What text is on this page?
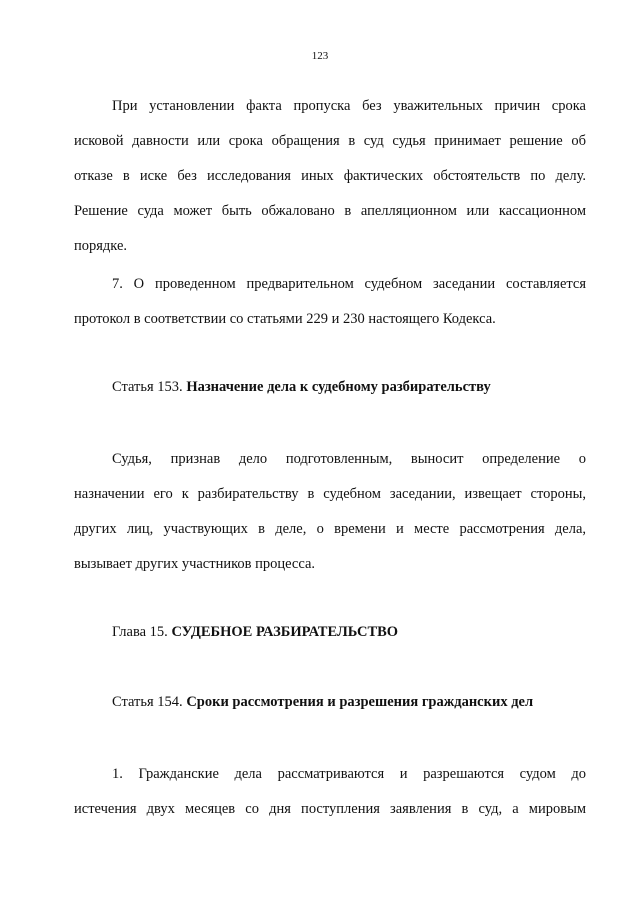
123
При установлении факта пропуска без уважительных причин срока
исковой давности или срока обращения в суд судья принимает решение об
отказе в иске без исследования иных фактических обстоятельств по делу.
Решение суда может быть обжаловано в апелляционном или кассационном
порядке.
7. О проведенном предварительном судебном заседании составляется
протокол в соответствии со статьями 229 и 230 настоящего Кодекса.
Статья 153. Назначение дела к судебному разбирательству
Судья, признав дело подготовленным, выносит определение о
назначении его к разбирательству в судебном заседании, извещает стороны,
других лиц, участвующих в деле, о времени и месте рассмотрения дела,
вызывает других участников процесса.
Глава 15. СУДЕБНОЕ РАЗБИРАТЕЛЬСТВО
Статья 154. Сроки рассмотрения и разрешения гражданских дел
1. Гражданские дела рассматриваются и разрешаются судом до
истечения двух месяцев со дня поступления заявления в суд, а мировым
